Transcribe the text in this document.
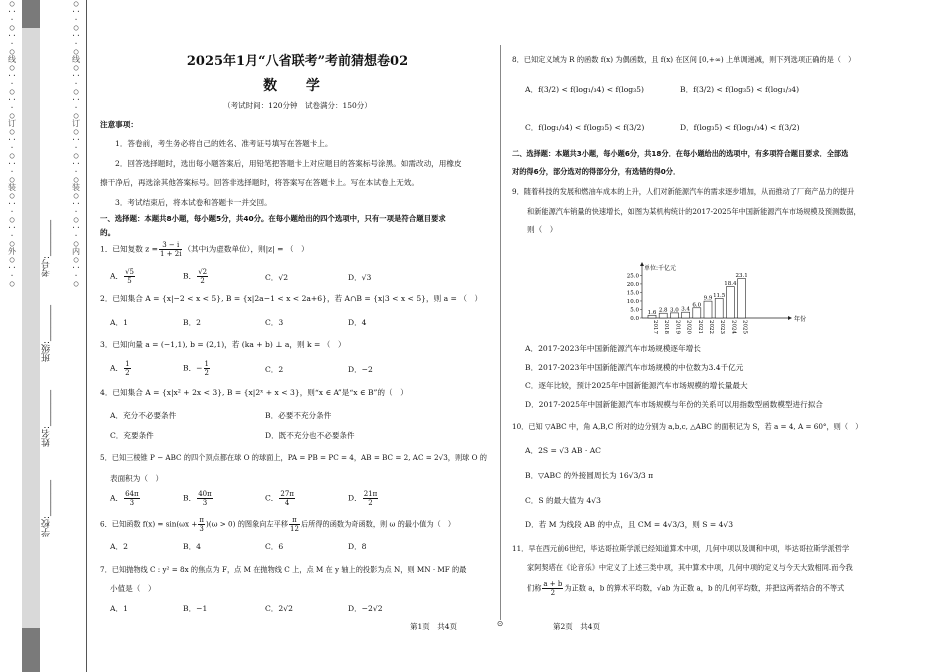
○ ··· ○ ··· ○ 线 ○ ··· ○ ··· ○ 订 ○ ··· ○ ··· ○ 装 ○ ··· ○ ··· ○ 外 ○ ··· ○
学校:________
姓名:________
班级:________
考号:________
○ ··· ○ ··· ○ 线 ○ ··· ○ ··· ○ 订 ○ ··· ○ ··· ○ 装 ○ ··· ○ ··· ○ 内 ○ ··· ○
2025年1月“八省联考”考前猜想卷02
数 学
（考试时间：120分钟　试卷满分：150分）
注意事项：
1．答卷前，考生务必将自己的姓名、准考证号填写在答题卡上。
2．回答选择题时，选出每小题答案后，用铅笔把答题卡上对应题目的答案标号涂黑。如需改动，用橡皮
擦干净后，再选涂其他答案标号。回答非选择题时，将答案写在答题卡上。写在本试卷上无效。
3．考试结束后，将本试卷和答题卡一并交回。
一、选择题：本题共8小题，每小题5分，共40分。在每小题给出的四个选项中，只有一项是符合题目要求
的。
1．已知复数 $z = \frac{3 - i}{1 + 2i}$ （其中i为虚数单位），则|z| = （　）
A． $\frac{√5}{5}$	B． $\frac{√2}{2}$	C．√2	D．√3
2．已知集合 A = {x|−2 < x < 5}, B = {x|2a−1 < x < 2a+6}，若 A∩B = {x|3 < x < 5}，则 a = （　）
A．1	B．2	C．3	D．4
3．已知向量 a = (−1,1), b = (2,1)，若 (ka + b) ⊥ a，则 k = （　）
A． $\frac{1}{2}$	B．− $\frac{1}{2}$	C．2	D．−2
4．已知集合 A = {x|x² + 2x < 3}, B = {x|2ˣ + x < 3}，则“x ∈ A”是“x ∈ B”的（　）
A．充分不必要条件	B．必要不充分条件
C．充要条件	D．既不充分也不必要条件
5．已知三棱锥 P − ABC 的四个顶点都在球 O 的球面上，PA = PB = PC = 4，AB = BC = 2, AC = 2√3，则球 O 的
表面积为（　）
A． $\frac{64\pi}{3}$	B． $\frac{40\pi}{3}$	C． $\frac{27\pi}{4}$	D． $\frac{21\pi}{2}$
6．已知函数 $f(x) = \sin(\omega x + \frac{\pi}{3} )(\omega > 0)$ 的图象向左平移 $\frac{\pi}{12}$ 后所得的函数为奇函数，则 ω 的最小值为（　）
A．2	B．4	C．6	D．8
7．已知抛物线 C : y² = 8x 的焦点为 F，点 M 在抛物线 C 上，点 M 在 y 轴上的投影为点 N，则 MN · MF 的最
小值是（　）
A．1	B．−1	C．2√2	D．−2√2
8．已知定义域为 R 的函数 f(x) 为偶函数，且 f(x) 在区间 [0,+∞) 上单调递减，则下列选项正确的是（　）
A．f(3/2) < f(log₁/₃4) < f(log₃5)	B．f(3/2) < f(log₃5) < f(log₁/₃4)
C．f(log₁/₃4) < f(log₃5) < f(3/2)	D．f(log₃5) < f(log₁/₃4) < f(3/2)
二、选择题：本题共3小题，每小题6分，共18分．在每小题给出的选项中，有多项符合题目要求．全部选
对的得6分，部分选对的得部分分，有选错的得0分．
9．随着科技的发展和燃油车成本的上升，人们对新能源汽车的需求逐步增加，从而推动了厂商产品力的提升
和新能源汽车销量的快速增长，如图为某机构统计的2017-2025年中国新能源汽车市场规模及预测数据，
则（　）
单位:千亿元
年份
0.0
5.0
10.0
15.0
20.0
25.0
1.6
2017
2.8
2018
3.0
2019
3.4
2020
6.0
2021
9.9
2022
11.5
2023
18.4
2024
23.1
2025
A．2017-2023年中国新能源汽车市场规模逐年增长
B．2017-2023年中国新能源汽车市场规模的中位数为3.4千亿元
C．逐年比较，预计2025年中国新能源汽车市场规模的增长量最大
D．2017-2025年中国新能源汽车市场规模与年份的关系可以用指数型函数模型进行拟合
10．已知 ▽ABC 中，角 A,B,C 所对的边分别为 a,b,c, △ABC 的面积记为 S，若 a = 4, A = 60°，则（　）
A．2S = √3 AB · AC
B．▽ABC 的外接圆周长为 16√3/3 π
C．S 的最大值为 4√3
D．若 M 为线段 AB 的中点，且 CM = 4√3/3，则 S = 4√3
11．早在西元前6世纪，毕达哥拉斯学派已经知道算术中项，几何中项以及调和中项，毕达哥拉斯学派哲学
家阿契塔在《论音乐》中定义了上述三类中项，其中算术中项，几何中项的定义与今天大致相同.而今我
们称 $\frac{a + b}{2}$ 为正数 a，b 的算术平均数，√ab 为正数 a，b 的几何平均数，并把这两者结合的不等式
第1页　共4页	⊙	第2页　共4页
